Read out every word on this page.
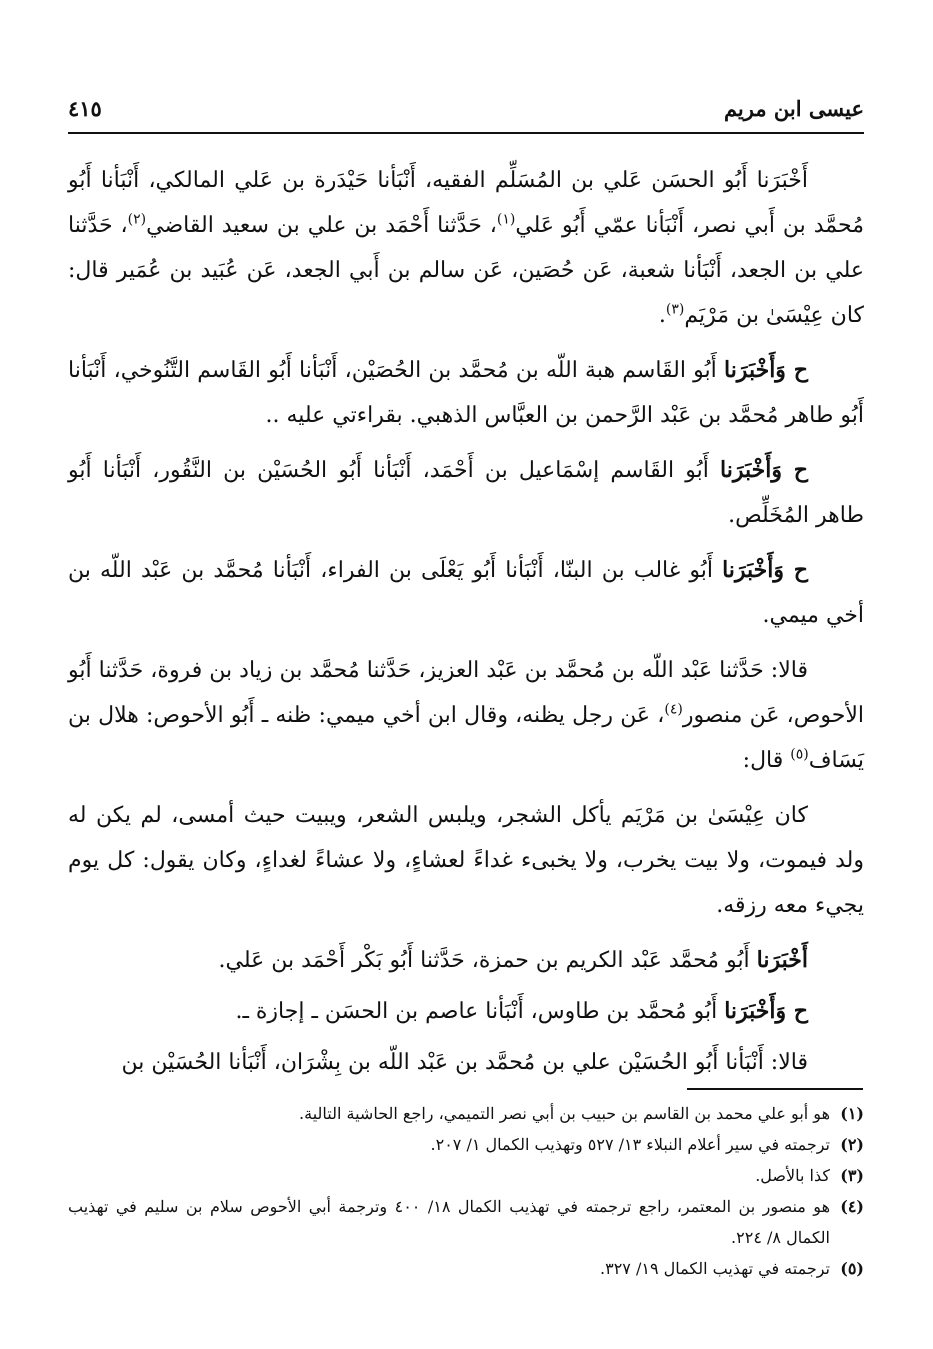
عيسى ابن مريم
٤١٥

أَخْبَرَنا أَبُو الحسَن عَلي بن المُسَلِّم الفقيه، أَنْبَأنا حَيْدَرة بن عَلي المالكي، أَنْبَأنا أَبُو مُحمَّد بن أَبي نصر، أَنْبَأنا عمّي أَبُو عَلي$^{(١)}$، حَدَّثنا أَحْمَد بن علي بن سعيد القاضي$^{(٢)}$، حَدَّثنا علي بن الجعد، أَنْبَأنا شعبة، عَن حُصَين، عَن سالم بن أَبي الجعد، عَن عُبَيد بن عُمَير قال: كان عِيْسَىٰ بن مَرْيَم$^{(٣)}$.

ح وَأَخْبَرَنا أَبُو القَاسم هبة اللّه بن مُحمَّد بن الحُصَيْن، أَنْبَأنا أَبُو القَاسم التَّنُوخي، أَنْبَأنا أَبُو طاهر مُحمَّد بن عَبْد الرَّحمن بن العبَّاس الذهبي. بقراءتي عليه ..

ح وَأَخْبَرَنا أَبُو القَاسم إسْمَاعيل بن أَحْمَد، أَنْبَأنا أَبُو الحُسَيْن بن النَّقُور، أَنْبَأنا أَبُو طاهر المُخَلِّص.

ح وَأَخْبَرَنا أَبُو غالب بن البنّا، أَنْبَأنا أَبُو يَعْلَى بن الفراء، أَنْبَأنا مُحمَّد بن عَبْد اللّه بن أخي ميمي.

قالا: حَدَّثنا عَبْد اللّه بن مُحمَّد بن عَبْد العزيز، حَدَّثنا مُحمَّد بن زياد بن فروة، حَدَّثنا أَبُو الأحوص، عَن منصور$^{(٤)}$، عَن رجل يظنه، وقال ابن أخي ميمي: ظنه ـ أَبُو الأحوص: هلال بن يَسَاف$^{(٥)}$ قال:

كان عِيْسَىٰ بن مَرْيَم يأكل الشجر، ويلبس الشعر، ويبيت حيث أمسى، لم يكن له ولد فيموت، ولا بيت يخرب، ولا يخبىء غداءً لعشاءٍ، ولا عشاءً لغداءٍ، وكان يقول: كل يوم يجيء معه رزقه.

أَخْبَرَنا أَبُو مُحمَّد عَبْد الكريم بن حمزة، حَدَّثنا أَبُو بَكْر أَحْمَد بن عَلي.

ح وَأَخْبَرَنا أَبُو مُحمَّد بن طاوس، أَنْبَأنا عاصم بن الحسَن ـ إجازة ـ.

قالا: أَنْبَأنا أَبُو الحُسَيْن علي بن مُحمَّد بن عَبْد اللّه بن بِشْرَان، أَنْبَأنا الحُسَيْن بن

(١)
هو أبو علي محمد بن القاسم بن حبيب بن أبي نصر التميمي، راجع الحاشية التالية.
(٢)
ترجمته في سير أعلام النبلاء ١٣/ ٥٢٧ وتهذيب الكمال ١/ ٢٠٧.
(٣)
كذا بالأصل.
(٤)
هو منصور بن المعتمر، راجع ترجمته في تهذيب الكمال ١٨/ ٤٠٠ وترجمة أبي الأحوص سلام بن سليم في تهذيب الكمال ٨/ ٢٢٤.
(٥)
ترجمته في تهذيب الكمال ١٩/ ٣٢٧.
